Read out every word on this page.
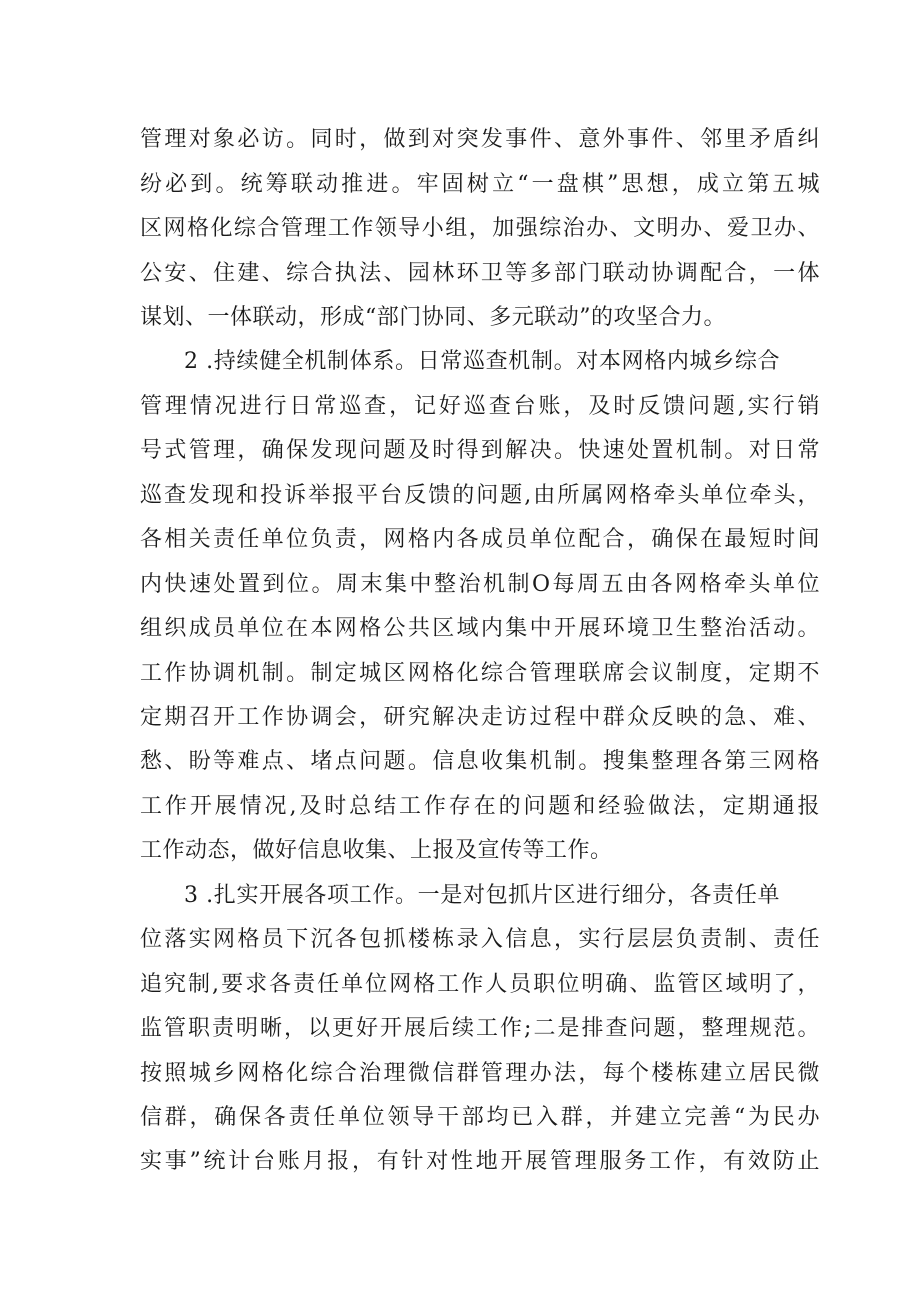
管理对象必访。同时，做到对突发事件、意外事件、邻里矛盾纠
纷必到。统筹联动推进。牢固树立“一盘棋”思想，成立第五城
区网格化综合管理工作领导小组，加强综治办、文明办、爱卫办、
公安、住建、综合执法、园林环卫等多部门联动协调配合，一体
谋划、一体联动，形成“部门协同、多元联动”的攻坚合力。
2 .持续健全机制体系。日常巡查机制。对本网格内城乡综合
管理情况进行日常巡查，记好巡查台账，及时反馈问题,实行销
号式管理，确保发现问题及时得到解决。快速处置机制。对日常
巡查发现和投诉举报平台反馈的问题,由所属网格牵头单位牵头，
各相关责任单位负责，网格内各成员单位配合，确保在最短时间
内快速处置到位。周末集中整治机制O每周五由各网格牵头单位
组织成员单位在本网格公共区域内集中开展环境卫生整治活动。
工作协调机制。制定城区网格化综合管理联席会议制度，定期不
定期召开工作协调会，研究解决走访过程中群众反映的急、难、
愁、盼等难点、堵点问题。信息收集机制。搜集整理各第三网格
工作开展情况,及时总结工作存在的问题和经验做法，定期通报
工作动态，做好信息收集、上报及宣传等工作。
3 .扎实开展各项工作。一是对包抓片区进行细分，各责任单
位落实网格员下沉各包抓楼栋录入信息，实行层层负责制、责任
追究制,要求各责任单位网格工作人员职位明确、监管区域明了，
监管职责明晰，以更好开展后续工作;二是排查问题，整理规范。
按照城乡网格化综合治理微信群管理办法，每个楼栋建立居民微
信群，确保各责任单位领导干部均已入群，并建立完善“为民办
实事”统计台账月报，有针对性地开展管理服务工作，有效防止
